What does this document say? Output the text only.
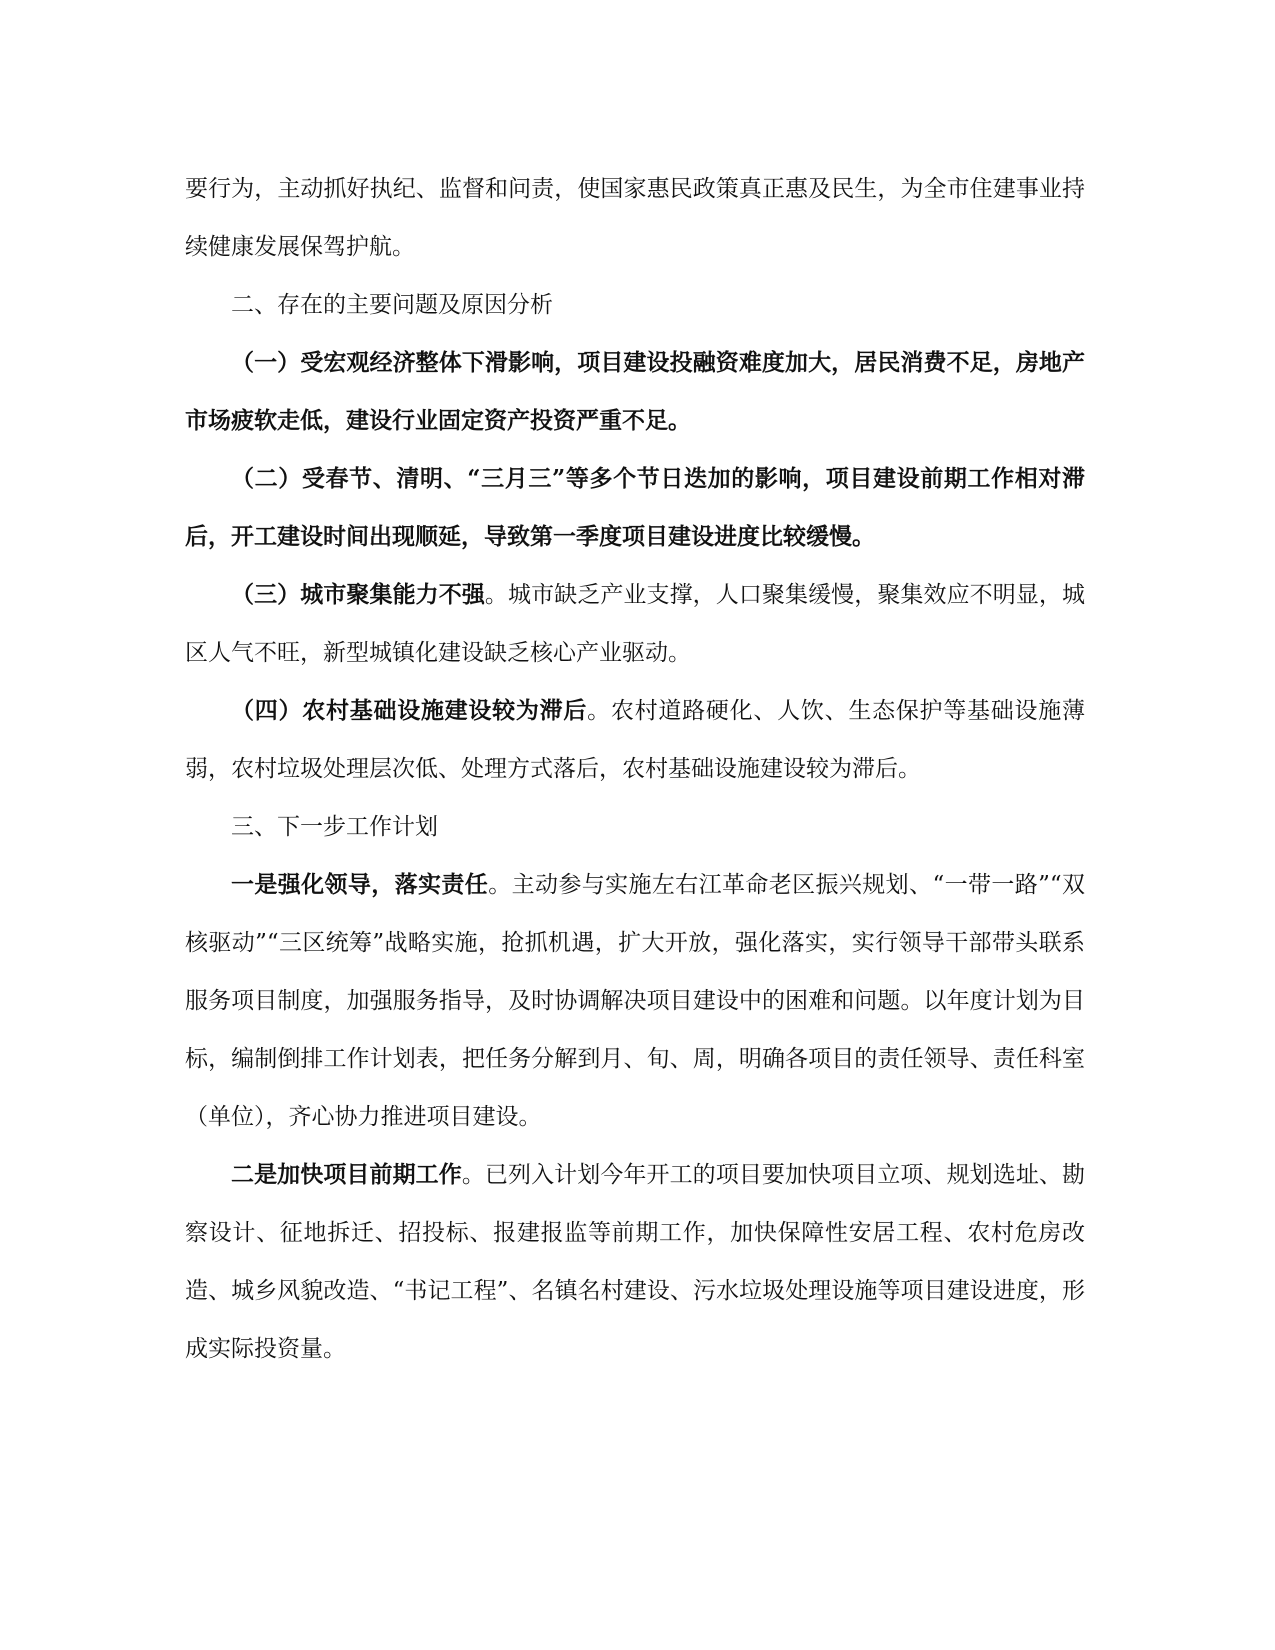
要行为，主动抓好执纪、监督和问责，使国家惠民政策真正惠及民生，为全市住建事业持续健康发展保驾护航。

二、存在的主要问题及原因分析

（一）受宏观经济整体下滑影响，项目建设投融资难度加大，居民消费不足，房地产市场疲软走低，建设行业固定资产投资严重不足。

（二）受春节、清明、“三月三”等多个节日迭加的影响，项目建设前期工作相对滞后，开工建设时间出现顺延，导致第一季度项目建设进度比较缓慢。

（三）城市聚集能力不强。城市缺乏产业支撑，人口聚集缓慢，聚集效应不明显，城区人气不旺，新型城镇化建设缺乏核心产业驱动。

（四）农村基础设施建设较为滞后。农村道路硬化、人饮、生态保护等基础设施薄弱，农村垃圾处理层次低、处理方式落后，农村基础设施建设较为滞后。

三、下一步工作计划

一是强化领导，落实责任。主动参与实施左右江革命老区振兴规划、“一带一路”“双核驱动”“三区统筹”战略实施，抢抓机遇，扩大开放，强化落实，实行领导干部带头联系服务项目制度，加强服务指导，及时协调解决项目建设中的困难和问题。以年度计划为目标，编制倒排工作计划表，把任务分解到月、旬、周，明确各项目的责任领导、责任科室（单位），齐心协力推进项目建设。

二是加快项目前期工作。已列入计划今年开工的项目要加快项目立项、规划选址、勘察设计、征地拆迁、招投标、报建报监等前期工作，加快保障性安居工程、农村危房改造、城乡风貌改造、“书记工程”、名镇名村建设、污水垃圾处理设施等项目建设进度，形成实际投资量。
